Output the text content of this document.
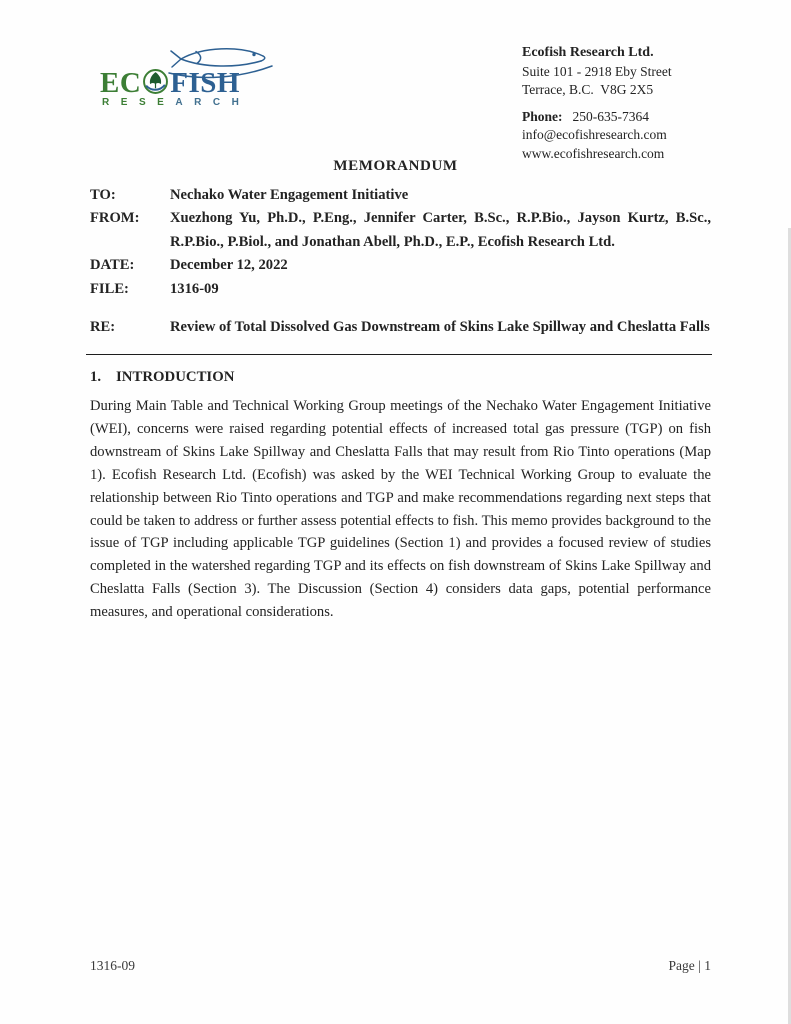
EC FISH
R E S E A R C H
Ecofish Research Ltd.
Suite 101 - 2918 Eby Street
Terrace, B.C.  V8G 2X5
Phone: 250-635-7364
info@ecofishresearch.com
www.ecofishresearch.com
MEMORANDUM
TO:	Nechako Water Engagement Initiative
FROM:	Xuezhong Yu, Ph.D., P.Eng., Jennifer Carter, B.Sc., R.P.Bio., Jayson Kurtz, B.Sc., R.P.Bio., P.Biol., and Jonathan Abell, Ph.D., E.P., Ecofish Research Ltd.
DATE:	December 12, 2022
FILE:	1316-09
RE:	Review of Total Dissolved Gas Downstream of Skins Lake Spillway and Cheslatta Falls
1. INTRODUCTION
During Main Table and Technical Working Group meetings of the Nechako Water Engagement Initiative (WEI), concerns were raised regarding potential effects of increased total gas pressure (TGP) on fish downstream of Skins Lake Spillway and Cheslatta Falls that may result from Rio Tinto operations (Map 1). Ecofish Research Ltd. (Ecofish) was asked by the WEI Technical Working Group to evaluate the relationship between Rio Tinto operations and TGP and make recommendations regarding next steps that could be taken to address or further assess potential effects to fish. This memo provides background to the issue of TGP including applicable TGP guidelines (Section 1) and provides a focused review of studies completed in the watershed regarding TGP and its effects on fish downstream of Skins Lake Spillway and Cheslatta Falls (Section 3). The Discussion (Section 4) considers data gaps, potential performance measures, and operational considerations.
1316-09	Page | 1
